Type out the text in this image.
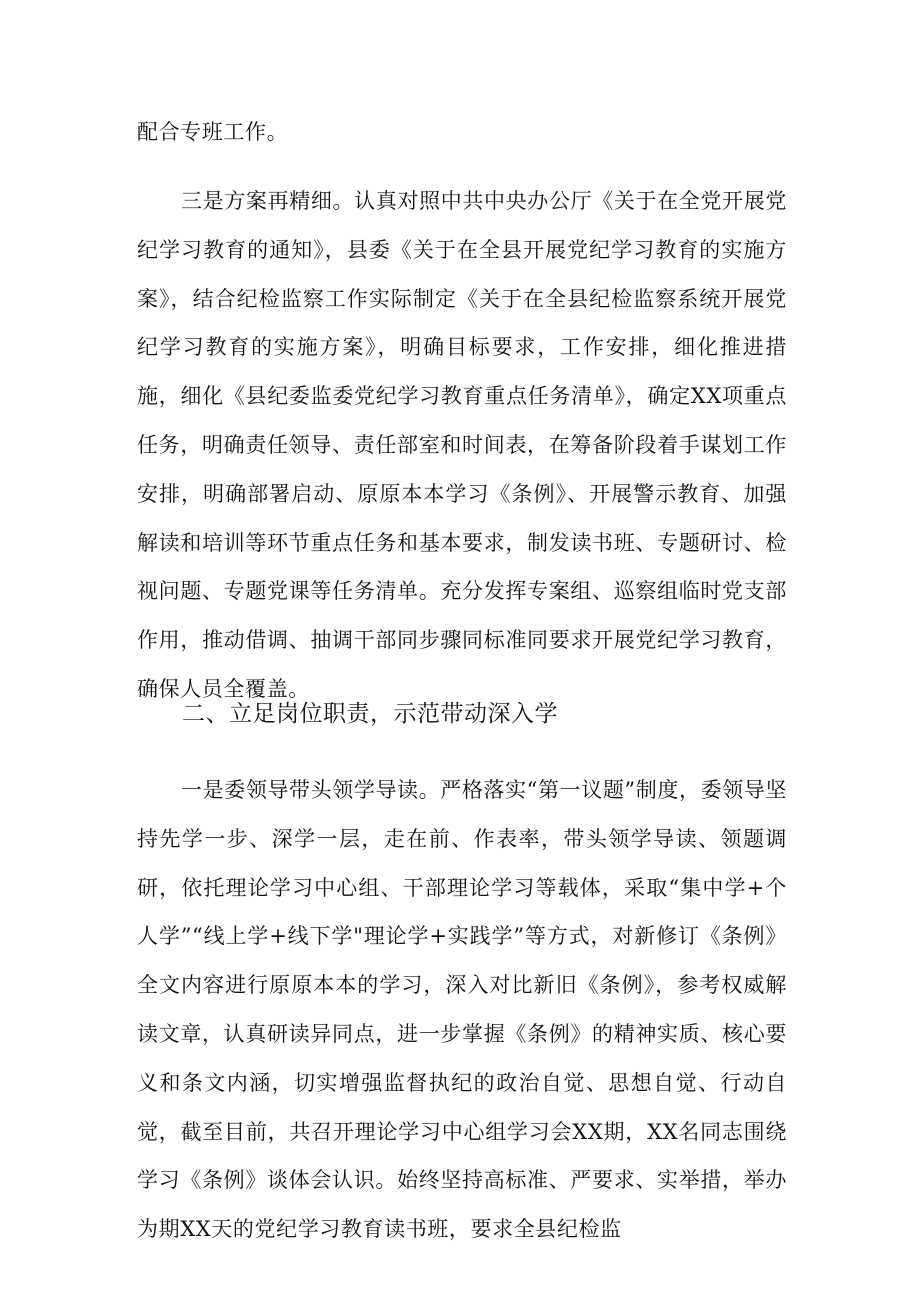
配合专班工作。

三是方案再精细。认真对照中共中央办公厅《关于在全党开展党纪学习教育的通知》，县委《关于在全县开展党纪学习教育的实施方案》，结合纪检监察工作实际制定《关于在全县纪检监察系统开展党纪学习教育的实施方案》，明确目标要求，工作安排，细化推进措施，细化《县纪委监委党纪学习教育重点任务清单》，确定XX项重点任务，明确责任领导、责任部室和时间表，在筹备阶段着手谋划工作安排，明确部署启动、原原本本学习《条例》、开展警示教育、加强解读和培训等环节重点任务和基本要求，制发读书班、专题研讨、检视问题、专题党课等任务清单。充分发挥专案组、巡察组临时党支部作用，推动借调、抽调干部同步骤同标准同要求开展党纪学习教育，确保人员全覆盖。

二、立足岗位职责，示范带动深入学

一是委领导带头领学导读。严格落实“第一议题”制度，委领导坚持先学一步、深学一层，走在前、作表率，带头领学导读、领题调研，依托理论学习中心组、干部理论学习等载体，采取“集中学+个人学”“线上学+线下学"理论学+实践学”等方式，对新修订《条例》全文内容进行原原本本的学习，深入对比新旧《条例》，参考权威解读文章，认真研读异同点，进一步掌握《条例》的精神实质、核心要义和条文内涵，切实增强监督执纪的政治自觉、思想自觉、行动自觉，截至目前，共召开理论学习中心组学习会XX期，XX名同志围绕学习《条例》谈体会认识。始终坚持高标准、严要求、实举措，举办为期XX天的党纪学习教育读书班，要求全县纪检监
